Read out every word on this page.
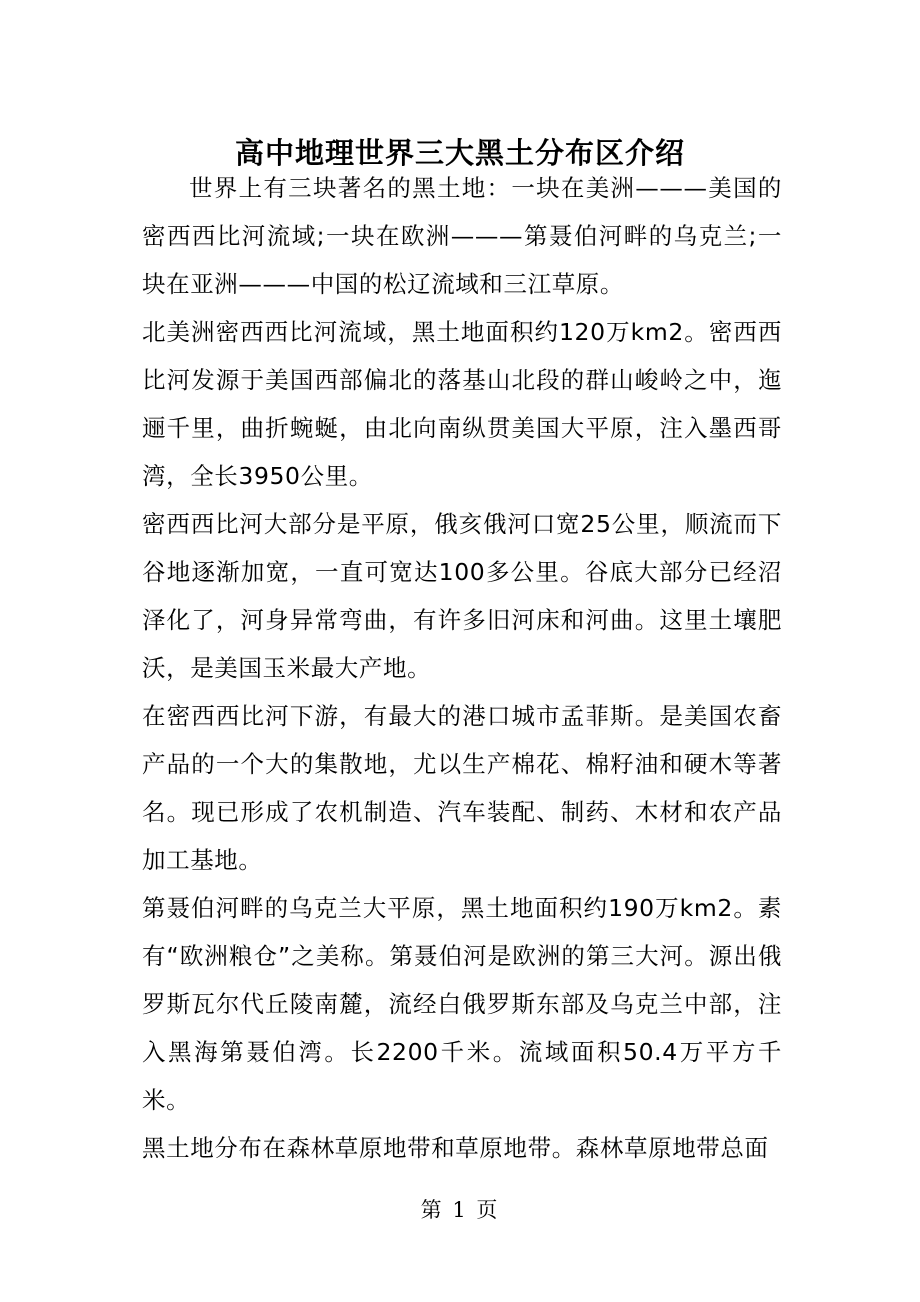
高中地理世界三大黑土分布区介绍

世界上有三块著名的黑土地：一块在美洲———美国的密西西比河流域;一块在欧洲———第聂伯河畔的乌克兰;一块在亚洲———中国的松辽流域和三江草原。

北美洲密西西比河流域，黑土地面积约120万km2。密西西比河发源于美国西部偏北的落基山北段的群山峻岭之中，迤逦千里，曲折蜿蜒，由北向南纵贯美国大平原，注入墨西哥湾，全长3950公里。

密西西比河大部分是平原，俄亥俄河口宽25公里，顺流而下谷地逐渐加宽，一直可宽达100多公里。谷底大部分已经沼泽化了，河身异常弯曲，有许多旧河床和河曲。这里土壤肥沃，是美国玉米最大产地。

在密西西比河下游，有最大的港口城市孟菲斯。是美国农畜产品的一个大的集散地，尤以生产棉花、棉籽油和硬木等著名。现已形成了农机制造、汽车装配、制药、木材和农产品加工基地。

第聂伯河畔的乌克兰大平原，黑土地面积约190万km2。素有“欧洲粮仓”之美称。第聂伯河是欧洲的第三大河。源出俄罗斯瓦尔代丘陵南麓，流经白俄罗斯东部及乌克兰中部，注入黑海第聂伯湾。长2200千米。流域面积50.4万平方千米。

黑土地分布在森林草原地带和草原地带。森林草原地带总面

第 1 页
